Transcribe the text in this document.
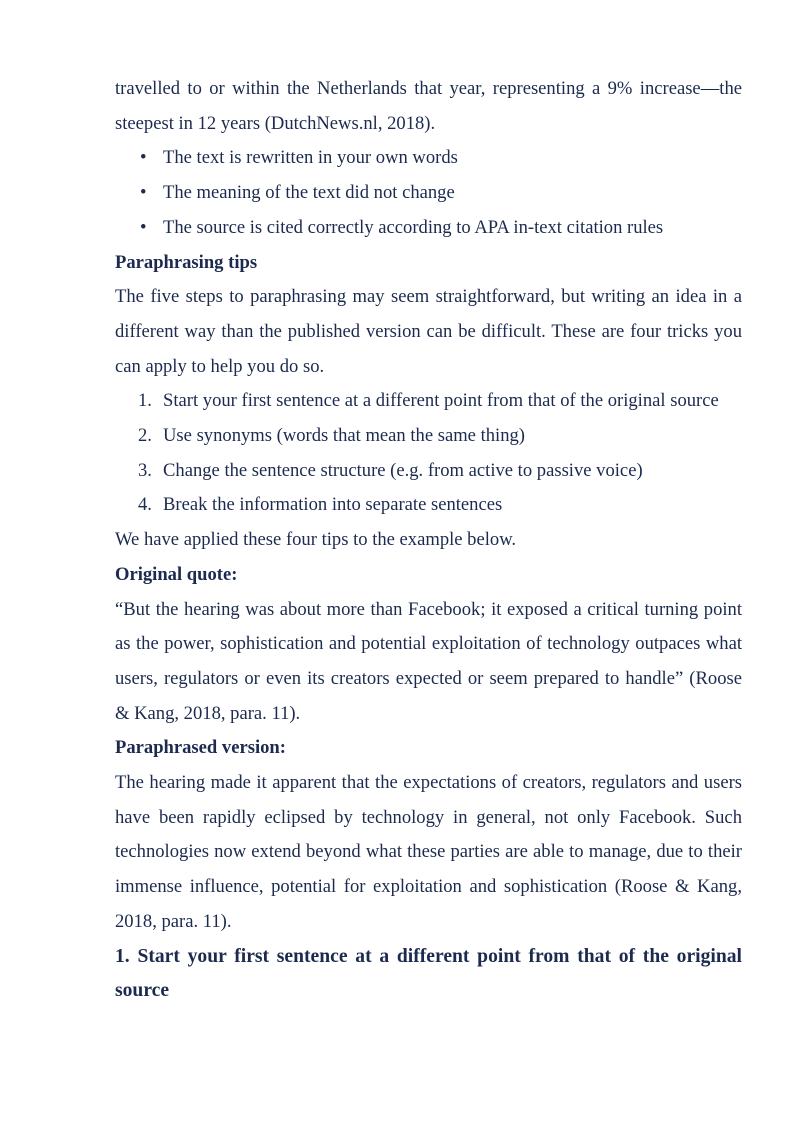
travelled to or within the Netherlands that year, representing a 9% increase—the steepest in 12 years (DutchNews.nl, 2018).

• The text is rewritten in your own words
• The meaning of the text did not change
• The source is cited correctly according to APA in-text citation rules

Paraphrasing tips

The five steps to paraphrasing may seem straightforward, but writing an idea in a different way than the published version can be difficult. These are four tricks you can apply to help you do so.

1. Start your first sentence at a different point from that of the original source
2. Use synonyms (words that mean the same thing)
3. Change the sentence structure (e.g. from active to passive voice)
4. Break the information into separate sentences

We have applied these four tips to the example below.

Original quote:

“But the hearing was about more than Facebook; it exposed a critical turning point as the power, sophistication and potential exploitation of technology outpaces what users, regulators or even its creators expected or seem prepared to handle” (Roose & Kang, 2018, para. 11).

Paraphrased version:

The hearing made it apparent that the expectations of creators, regulators and users have been rapidly eclipsed by technology in general, not only Facebook. Such technologies now extend beyond what these parties are able to manage, due to their immense influence, potential for exploitation and sophistication (Roose & Kang, 2018, para. 11).

1. Start your first sentence at a different point from that of the original source
